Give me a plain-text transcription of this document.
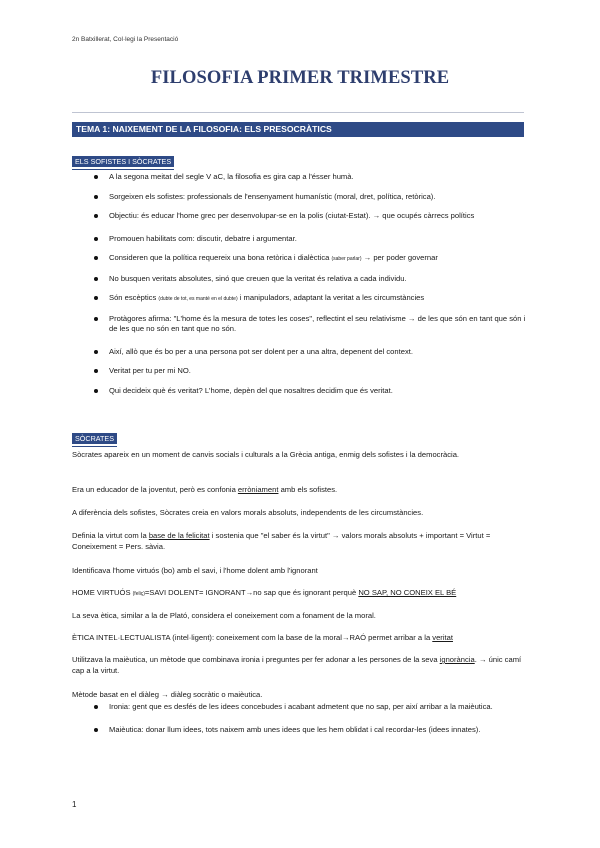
2n Batxillerat, Col·legi la Presentació
FILOSOFIA PRIMER TRIMESTRE
TEMA 1: NAIXEMENT DE LA FILOSOFIA: ELS PRESOCRÀTICS
ELS SOFISTES I SÒCRATES
A la segona meitat del segle V aC, la filosofia es gira cap a l'ésser humà.
Sorgeixen els sofistes: professionals de l'ensenyament humanístic (moral, dret, política, retòrica).
Objectiu: és educar l'home grec per desenvolupar-se en la polis (ciutat-Estat). → que ocupés càrrecs polítics
Promouen habilitats com: discutir, debatre i argumentar.
Consideren que la política requereix una bona retòrica i dialèctica (saber parlar) → per poder governar
No busquen veritats absolutes, sinó que creuen que la veritat és relativa a cada individu.
Són escèptics (dubte de tot, es manté en el dubte) i manipuladors, adaptant la veritat a les circumstàncies
Protàgores afirma: "L'home és la mesura de totes les coses", reflectint el seu relativisme → de les que són en tant que són i de les que no són en tant que no són.
Així, allò que és bo per a una persona pot ser dolent per a una altra, depenent del context.
Veritat per tu per mi NO.
Qui decideix què és veritat? L'home, depèn del que nosaltres decidim que és veritat.
SÒCRATES
Sòcrates apareix en un moment de canvis socials i culturals a la Grècia antiga, enmig dels sofistes i la democràcia.
Era un educador de la joventut, però es confonia erròniament amb els sofistes.
A diferència dels sofistes, Sòcrates creia en valors morals absoluts, independents de les circumstàncies.
Definia la virtut com la base de la felicitat i sostenia que "el saber és la virtut" → valors morals absoluts + important = Virtut = Coneixement = Pers. sàvia.
Identificava l'home virtuós (bo) amb el savi, i l'home dolent amb l'ignorant
HOME VIRTUÓS (feliç)=SAVI DOLENT= IGNORANT→no sap que és ignorant perquè NO SAP, NO CONEIX EL BÉ
La seva ètica, similar a la de Plató, considera el coneixement com a fonament de la moral.
ÈTICA INTEL·LECTUALISTA (intel·ligent): coneixement com la base de la moral→RAÓ permet arribar a la veritat
Utilitzava la maièutica, un mètode que combinava ironia i preguntes per fer adonar a les persones de la seva ignorància. → únic camí cap a la virtut.
Mètode basat en el diàleg → diàleg socràtic o maièutica.
Ironia: gent que es desfés de les idees concebudes i acabant admetent que no sap, per així arribar a la maièutica.
Maièutica: donar llum idees, tots naixem amb unes idees que les hem oblidat i cal recordar-les (idees innates).
1
